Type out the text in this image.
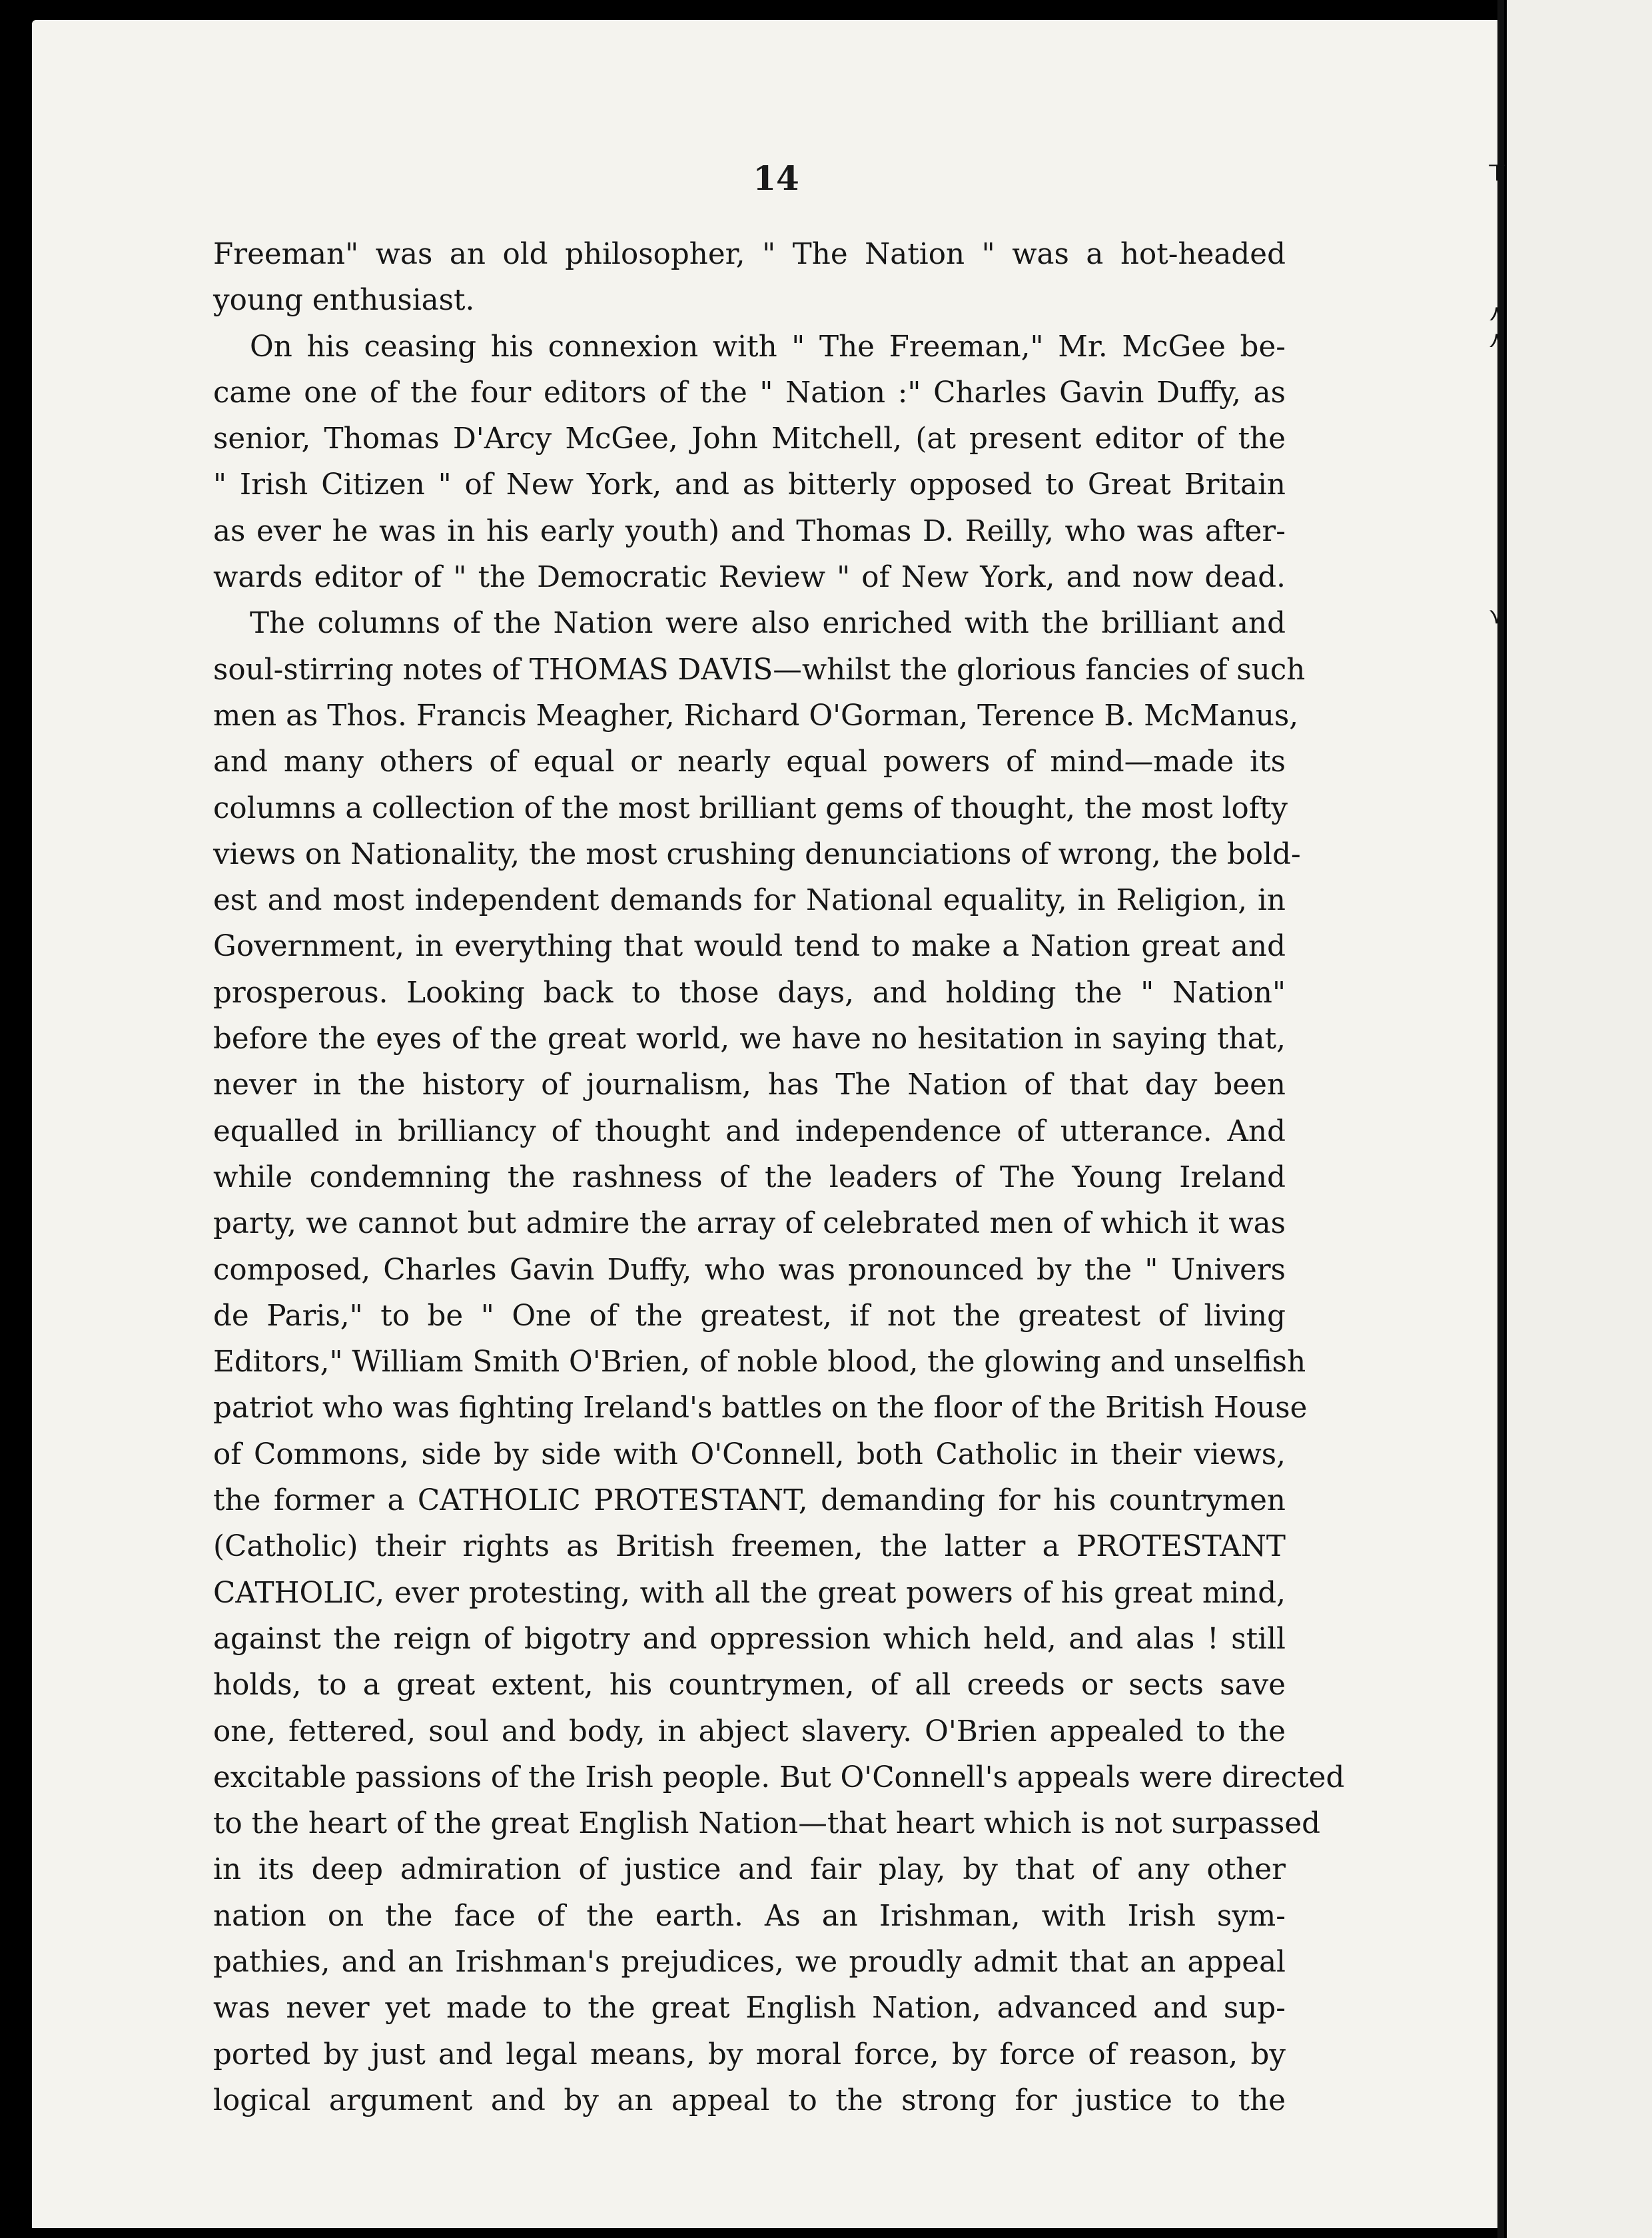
⊤
⋏
⋏
⋎
14
Freeman" was an old philosopher, " The Nation " was a hot-headed
young enthusiast.
On his ceasing his connexion with " The Freeman," Mr. McGee be-
came one of the four editors of the " Nation :" Charles Gavin Duffy, as
senior, Thomas D'Arcy McGee, John Mitchell, (at present editor of the
" Irish Citizen " of New York, and as bitterly opposed to Great Britain
as ever he was in his early youth) and Thomas D. Reilly, who was after-
wards editor of " the Democratic Review " of New York, and now dead.
The columns of the Nation were also enriched with the brilliant and
soul-stirring notes of THOMAS DAVIS—whilst the glorious fancies of such
men as Thos. Francis Meagher, Richard O'Gorman, Terence B. McManus,
and many others of equal or nearly equal powers of mind—made its
columns a collection of the most brilliant gems of thought, the most lofty
views on Nationality, the most crushing denunciations of wrong, the bold-
est and most independent demands for National equality, in Religion, in
Government, in everything that would tend to make a Nation great and
prosperous. Looking back to those days, and holding the " Nation"
before the eyes of the great world, we have no hesitation in saying that,
never in the history of journalism, has The Nation of that day been
equalled in brilliancy of thought and independence of utterance. And
while condemning the rashness of the leaders of The Young Ireland
party, we cannot but admire the array of celebrated men of which it was
composed, Charles Gavin Duffy, who was pronounced by the " Univers
de Paris," to be " One of the greatest, if not the greatest of living
Editors," William Smith O'Brien, of noble blood, the glowing and unselfish
patriot who was fighting Ireland's battles on the floor of the British House
of Commons, side by side with O'Connell, both Catholic in their views,
the former a CATHOLIC PROTESTANT, demanding for his countrymen
(Catholic) their rights as British freemen, the latter a PROTESTANT
CATHOLIC, ever protesting, with all the great powers of his great mind,
against the reign of bigotry and oppression which held, and alas ! still
holds, to a great extent, his countrymen, of all creeds or sects save
one, fettered, soul and body, in abject slavery. O'Brien appealed to the
excitable passions of the Irish people. But O'Connell's appeals were directed
to the heart of the great English Nation—that heart which is not surpassed
in its deep admiration of justice and fair play, by that of any other
nation on the face of the earth. As an Irishman, with Irish sym-
pathies, and an Irishman's prejudices, we proudly admit that an appeal
was never yet made to the great English Nation, advanced and sup-
ported by just and legal means, by moral force, by force of reason, by
logical argument and by an appeal to the strong for justice to the
